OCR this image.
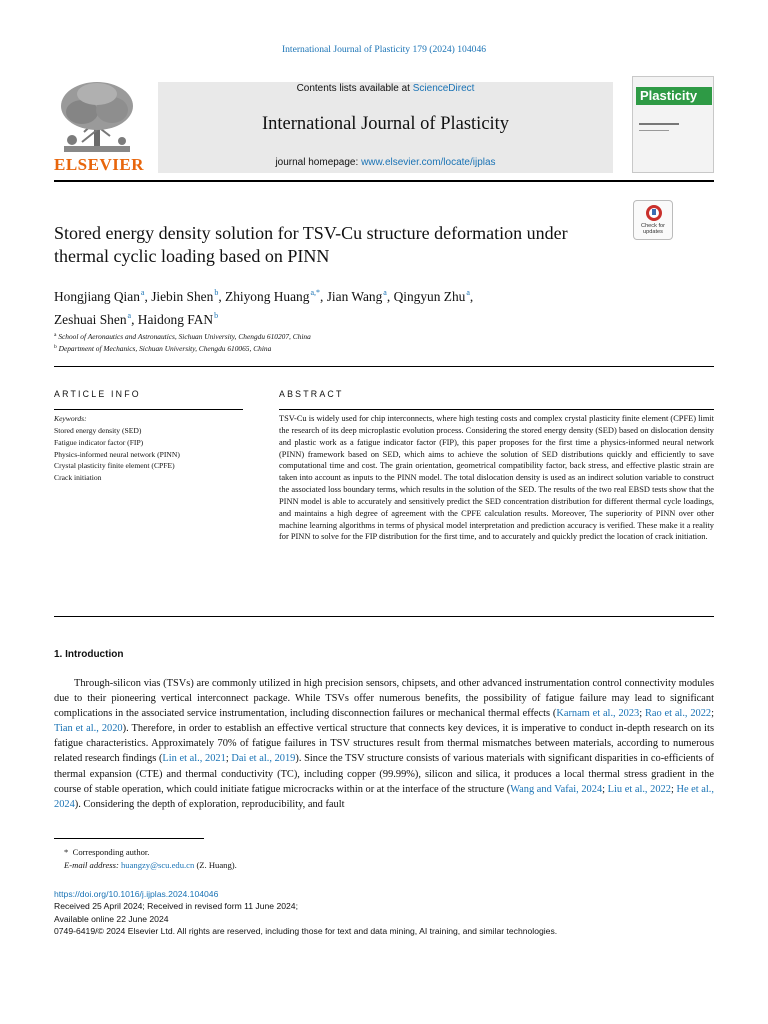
International Journal of Plasticity 179 (2024) 104046
ELSEVIER
Contents lists available at ScienceDirect
International Journal of Plasticity
journal homepage: www.elsevier.com/locate/ijplas

Plasticity
Check for
updates
Stored energy density solution for TSV-Cu structure deformation under thermal cyclic loading based on PINN
Hongjiang Qian$^a$, Jiebin Shen$^b$, Zhiyong Huang$^{a,*}$, Jian Wang$^a$, Qingyun Zhu$^a$,
Zeshuai Shen$^a$, Haidong FAN$^b$
$^a$ School of Aeronautics and Astronautics, Sichuan University, Chengdu 610207, China
$^b$ Department of Mechanics, Sichuan University, Chengdu 610065, China
ARTICLE INFO	ABSTRACT
Keywords:
Stored energy density (SED)
Fatigue indicator factor (FIP)
Physics-informed neural network (PINN)
Crystal plasticity finite element (CPFE)
Crack initiation
TSV-Cu is widely used for chip interconnects, where high testing costs and complex crystal plasticity finite element (CPFE) limit the research of its deep microplastic evolution process. Considering the stored energy density (SED) based on dislocation density and plastic work as a fatigue indicator factor (FIP), this paper proposes for the first time a physics-informed neural network (PINN) framework based on SED, which aims to achieve the solution of SED distributions quickly and efficiently to save computational time and cost. The grain orientation, geometrical compatibility factor, back stress, and effective plastic strain are taken into account as inputs to the PINN model. The total dislocation density is used as an indirect solution variable to construct the associated loss boundary terms, which results in the solution of the SED. The results of the two real EBSD tests show that the PINN model is able to accurately and sensitively predict the SED concentration distribution for different thermal cycle loadings, and maintains a high degree of agreement with the CPFE calculation results. Moreover, The superiority of PINN over other machine learning algorithms in terms of physical model interpretation and prediction accuracy is verified. These make it a reality for PINN to solve for the FIP distribution for the first time, and to accurately and quickly predict the location of crack initiation.
1. Introduction

Through-silicon vias (TSVs) are commonly utilized in high precision sensors, chipsets, and other advanced instrumentation control connectivity modules due to their pioneering vertical interconnect package. While TSVs offer numerous benefits, the possibility of fatigue failure may lead to significant complications in the associated service instrumentation, including disconnection failures or mechanical thermal effects (Karnam et al., 2023; Rao et al., 2022; Tian et al., 2020). Therefore, in order to establish an effective vertical structure that connects key devices, it is imperative to conduct in-depth research on its fatigue characteristics. Approximately 70% of fatigue failures in TSV structures result from thermal mismatches between materials, according to numerous related research findings (Lin et al., 2021; Dai et al., 2019). Since the TSV structure consists of various materials with significant disparities in co-efficients of thermal expansion (CTE) and thermal conductivity (TC), including copper (99.99%), silicon and silica, it produces a local thermal stress gradient in the course of stable operation, which could initiate fatigue microcracks within or at the interface of the structure (Wang and Vafai, 2024; Liu et al., 2022; He et al., 2024). Considering the depth of exploration, reproducibility, and fault

* Corresponding author.
E-mail address: huangzy@scu.edu.cn (Z. Huang).
https://doi.org/10.1016/j.ijplas.2024.104046
Received 25 April 2024; Received in revised form 11 June 2024;
Available online 22 June 2024
0749-6419/© 2024 Elsevier Ltd. All rights are reserved, including those for text and data mining, AI training, and similar technologies.
